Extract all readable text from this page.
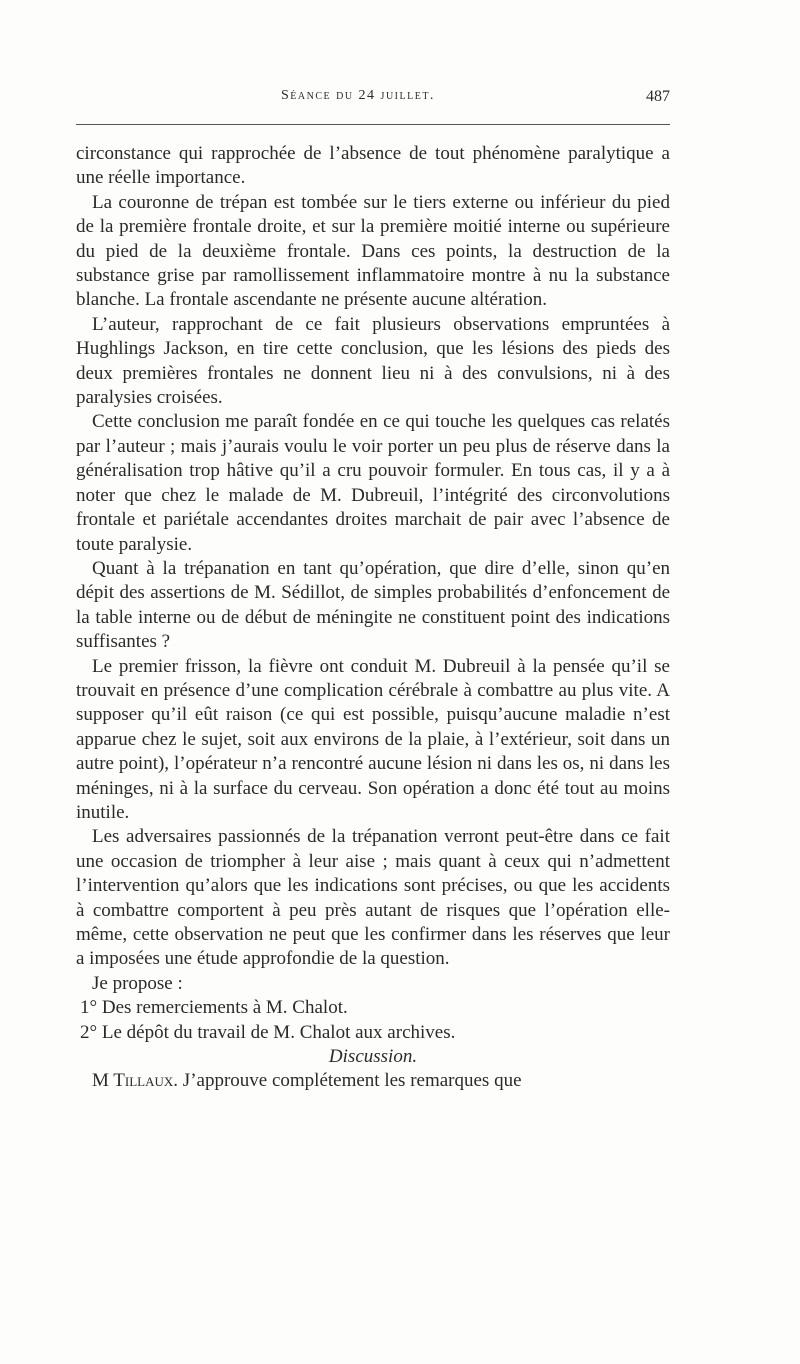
Séance du 24 juillet.	487

circonstance qui rapprochée de l’absence de tout phénomène paralytique a une réelle importance.

La couronne de trépan est tombée sur le tiers externe ou inférieur du pied de la première frontale droite, et sur la première moitié interne ou supérieure du pied de la deuxième frontale. Dans ces points, la destruction de la substance grise par ramollissement inflammatoire montre à nu la substance blanche. La frontale ascendante ne présente aucune altération.

L’auteur, rapprochant de ce fait plusieurs observations empruntées à Hughlings Jackson, en tire cette conclusion, que les lésions des pieds des deux premières frontales ne donnent lieu ni à des convulsions, ni à des paralysies croisées.

Cette conclusion me paraît fondée en ce qui touche les quelques cas relatés par l’auteur ; mais j’aurais voulu le voir porter un peu plus de réserve dans la généralisation trop hâtive qu’il a cru pouvoir formuler. En tous cas, il y a à noter que chez le malade de M. Dubreuil, l’intégrité des circonvolutions frontale et pariétale accendantes droites marchait de pair avec l’absence de toute paralysie.

Quant à la trépanation en tant qu’opération, que dire d’elle, sinon qu’en dépit des assertions de M. Sédillot, de simples probabilités d’enfoncement de la table interne ou de début de méningite ne constituent point des indications suffisantes ?

Le premier frisson, la fièvre ont conduit M. Dubreuil à la pensée qu’il se trouvait en présence d’une complication cérébrale à combattre au plus vite. A supposer qu’il eût raison (ce qui est possible, puisqu’aucune maladie n’est apparue chez le sujet, soit aux environs de la plaie, à l’extérieur, soit dans un autre point), l’opérateur n’a rencontré aucune lésion ni dans les os, ni dans les méninges, ni à la surface du cerveau. Son opération a donc été tout au moins inutile.

Les adversaires passionnés de la trépanation verront peut-être dans ce fait une occasion de triompher à leur aise ; mais quant à ceux qui n’admettent l’intervention qu’alors que les indications sont précises, ou que les accidents à combattre comportent à peu près autant de risques que l’opération elle-même, cette observation ne peut que les confirmer dans les réserves que leur a imposées une étude approfondie de la question.

Je propose :

1° Des remerciements à M. Chalot.

2° Le dépôt du travail de M. Chalot aux archives.

Discussion.

M Tillaux. J’approuve complétement les remarques que
